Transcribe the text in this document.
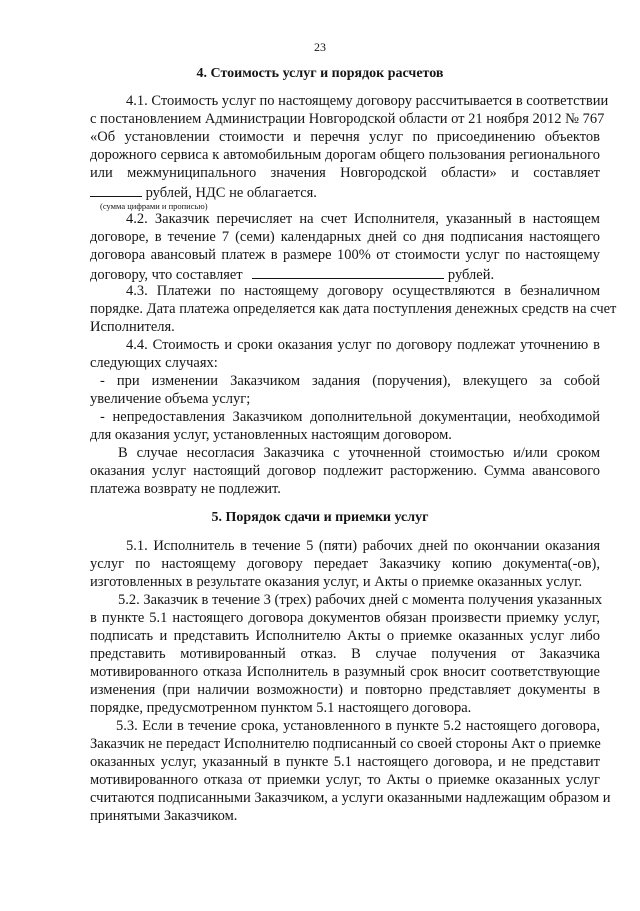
23
4. Стоимость услуг и порядок расчетов
4.1. Стоимость услуг по настоящему договору рассчитывается в соответствии
с постановлением Администрации Новгородской области от 21 ноября 2012 № 767
«Об установлении стоимости и перечня услуг по присоединению объектов
дорожного сервиса к автомобильным дорогам общего пользования регионального
или межмуниципального значения Новгородской области» и составляет
рублей, НДС не облагается.
(сумма цифрами и прописью)
4.2. Заказчик перечисляет на счет Исполнителя, указанный в настоящем
договоре, в течение 7 (семи) календарных дней со дня подписания настоящего
договора авансовый платеж в размере 100% от стоимости услуг по настоящему
договору, что составляет	рублей.
4.3. Платежи по настоящему договору осуществляются в безналичном
порядке. Дата платежа определяется как дата поступления денежных средств на счет
Исполнителя.
4.4. Стоимость и сроки оказания услуг по договору подлежат уточнению в
следующих случаях:
- при изменении Заказчиком задания (поручения), влекущего за собой
увеличение объема услуг;
- непредоставления Заказчиком дополнительной документации, необходимой
для оказания услуг, установленных настоящим договором.
В случае несогласия Заказчика с уточненной стоимостью и/или сроком
оказания услуг настоящий договор подлежит расторжению. Сумма авансового
платежа возврату не подлежит.
5. Порядок сдачи и приемки услуг
5.1. Исполнитель в течение 5 (пяти) рабочих дней по окончании оказания
услуг по настоящему договору передает Заказчику копию документа(-ов),
изготовленных в результате оказания услуг, и Акты о приемке оказанных услуг.
5.2. Заказчик в течение 3 (трех) рабочих дней с момента получения указанных
в пункте 5.1 настоящего договора документов обязан произвести приемку услуг,
подписать и представить Исполнителю Акты о приемке оказанных услуг либо
представить мотивированный отказ. В случае получения от Заказчика
мотивированного отказа Исполнитель в разумный срок вносит соответствующие
изменения (при наличии возможности) и повторно представляет документы в
порядке, предусмотренном пунктом 5.1 настоящего договора.
5.3. Если в течение срока, установленного в пункте 5.2 настоящего договора,
Заказчик не передаст Исполнителю подписанный со своей стороны Акт о приемке
оказанных услуг, указанный в пункте 5.1 настоящего договора, и не представит
мотивированного отказа от приемки услуг, то Акты о приемке оказанных услуг
считаются подписанными Заказчиком, а услуги оказанными надлежащим образом и
принятыми Заказчиком.
